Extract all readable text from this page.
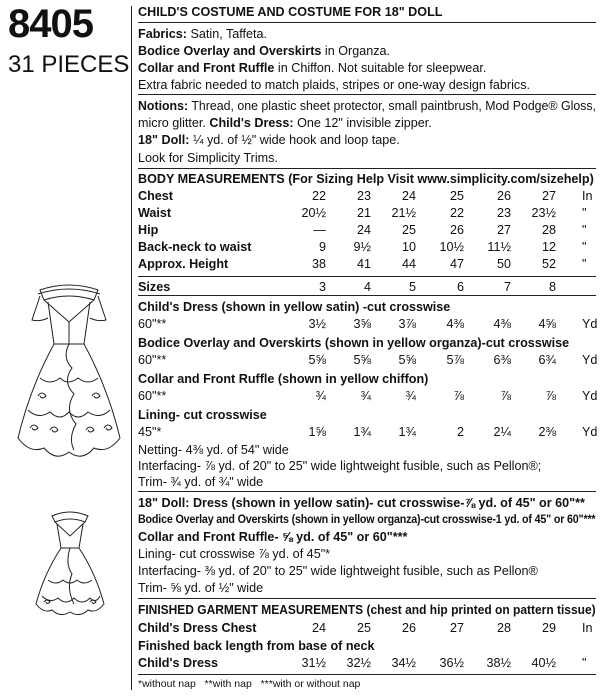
8405
31 PIECES
CHILD'S COSTUME AND COSTUME FOR 18" DOLL
Fabrics: Satin, Taffeta.
Bodice Overlay and Overskirts in Organza.
Collar and Front Ruffle in Chiffon. Not suitable for sleepwear.
Extra fabric needed to match plaids, stripes or one-way design fabrics.
Notions: Thread, one plastic sheet protector, small paintbrush, Mod Podge® Gloss,
micro glitter. Child's Dress: One 12" invisible zipper.
18" Doll: ¼ yd. of ½" wide hook and loop tape.
Look for Simplicity Trims.
BODY MEASUREMENTS (For Sizing Help Visit www.simplicity.com/sizehelp)
Chest	22	23	24	25	26	27 In
Waist	20½	21	21½	22	23	23½ "
Hip	—	24	25	26	27	28 "
Back-neck to waist	9	9½	10	10½	11½	12 "
Approx. Height	38	41	44	47	50	52 "
Sizes	3	4	5	6	7	8
Child's Dress (shown in yellow satin) -cut crosswise
60"**	3½	3⅝	3⅞	4⅜	4⅜	4⅝ Yd
Bodice Overlay and Overskirts (shown in yellow organza)-cut crosswise
60"**	5⅝	5⅝	5⅝	5⅞	6⅜	6¾ Yd
Collar and Front Ruffle (shown in yellow chiffon)
60"**	¾	¾	¾	⅞	⅞	⅞ Yd
Lining- cut crosswise
45"*	1⅝	1¾	1¾	2	2¼	2⅜ Yd
Netting- 4⅜ yd. of 54" wide
Interfacing- ⅞ yd. of 20" to 25" wide lightweight fusible, such as Pellon®;
Trim- ¾ yd. of ¾" wide
18" Doll: Dress (shown in yellow satin)- cut crosswise-⅞ yd. of 45" or 60"**
Bodice Overlay and Overskirts (shown in yellow organza)-cut crosswise-1 yd. of 45" or 60"***
Collar and Front Ruffle- ⅝ yd. of 45" or 60"***
Lining- cut crosswise ⅞ yd. of 45"*
Interfacing- ⅜ yd. of 20" to 25" wide lightweight fusible, such as Pellon®
Trim- ⅝ yd. of ½" wide
FINISHED GARMENT MEASUREMENTS (chest and hip printed on pattern tissue)
Child's Dress Chest	24	25	26	27	28	29 In
Finished back length from base of neck
Child's Dress	31½	32½	34½	36½	38½	40½ "
*without nap   **with nap   ***with or without nap
